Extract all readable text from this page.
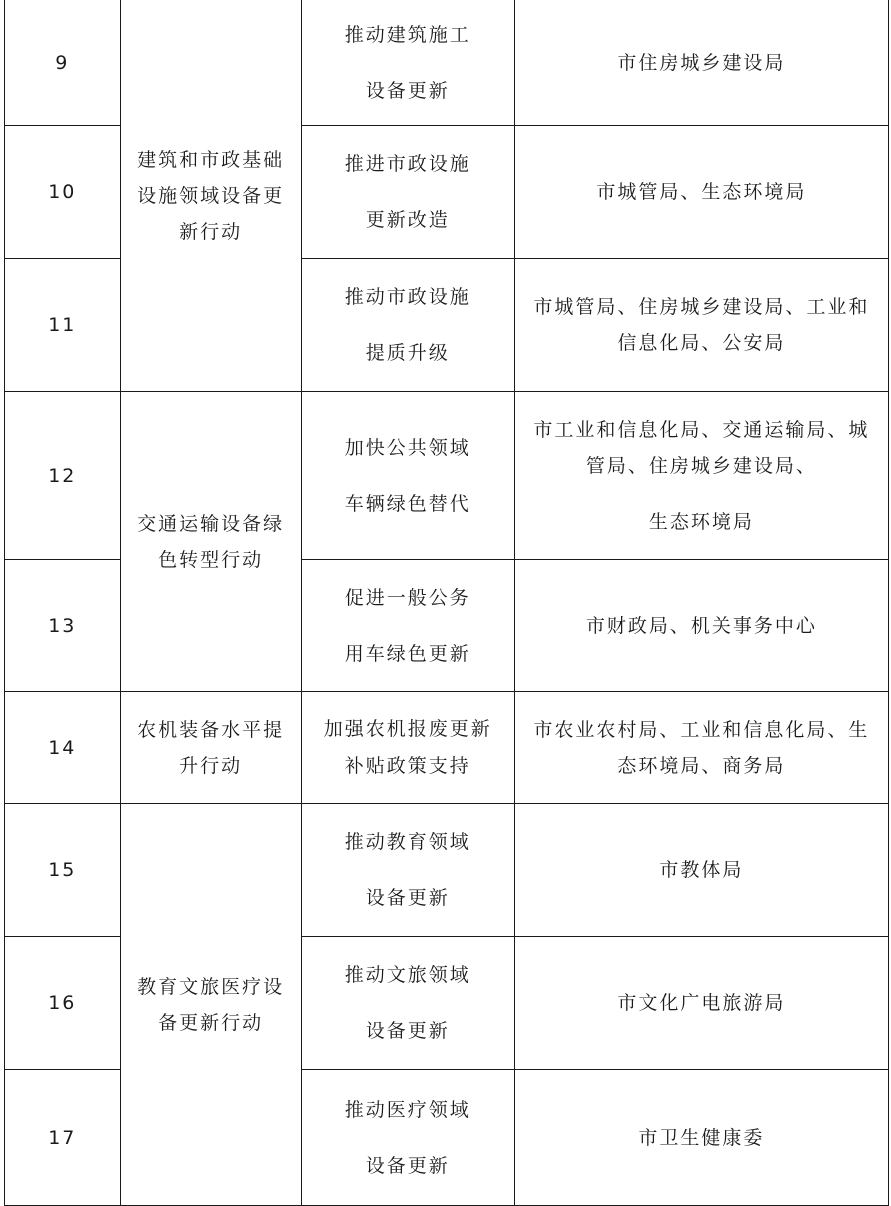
9	建筑和市政基础
设施领域设备更
新行动	推动建筑施工
设备更新	市住房城乡建设局

10		推进市政设施
更新改造	市城管局、生态环境局

11		推动市政设施
提质升级	市城管局、住房城乡建设局、工业和
信息化局、公安局

12	交通运输设备绿
色转型行动	加快公共领域
车辆绿色替代	市工业和信息化局、交通运输局、城
管局、住房城乡建设局、
生态环境局

13		促进一般公务
用车绿色更新	市财政局、机关事务中心

14	农机装备水平提
升行动	加强农机报废更新
补贴政策支持	市农业农村局、工业和信息化局、生
态环境局、商务局

15	教育文旅医疗设
备更新行动	推动教育领域
设备更新	市教体局

16		推动文旅领域
设备更新	市文化广电旅游局

17		推动医疗领域
设备更新	市卫生健康委
